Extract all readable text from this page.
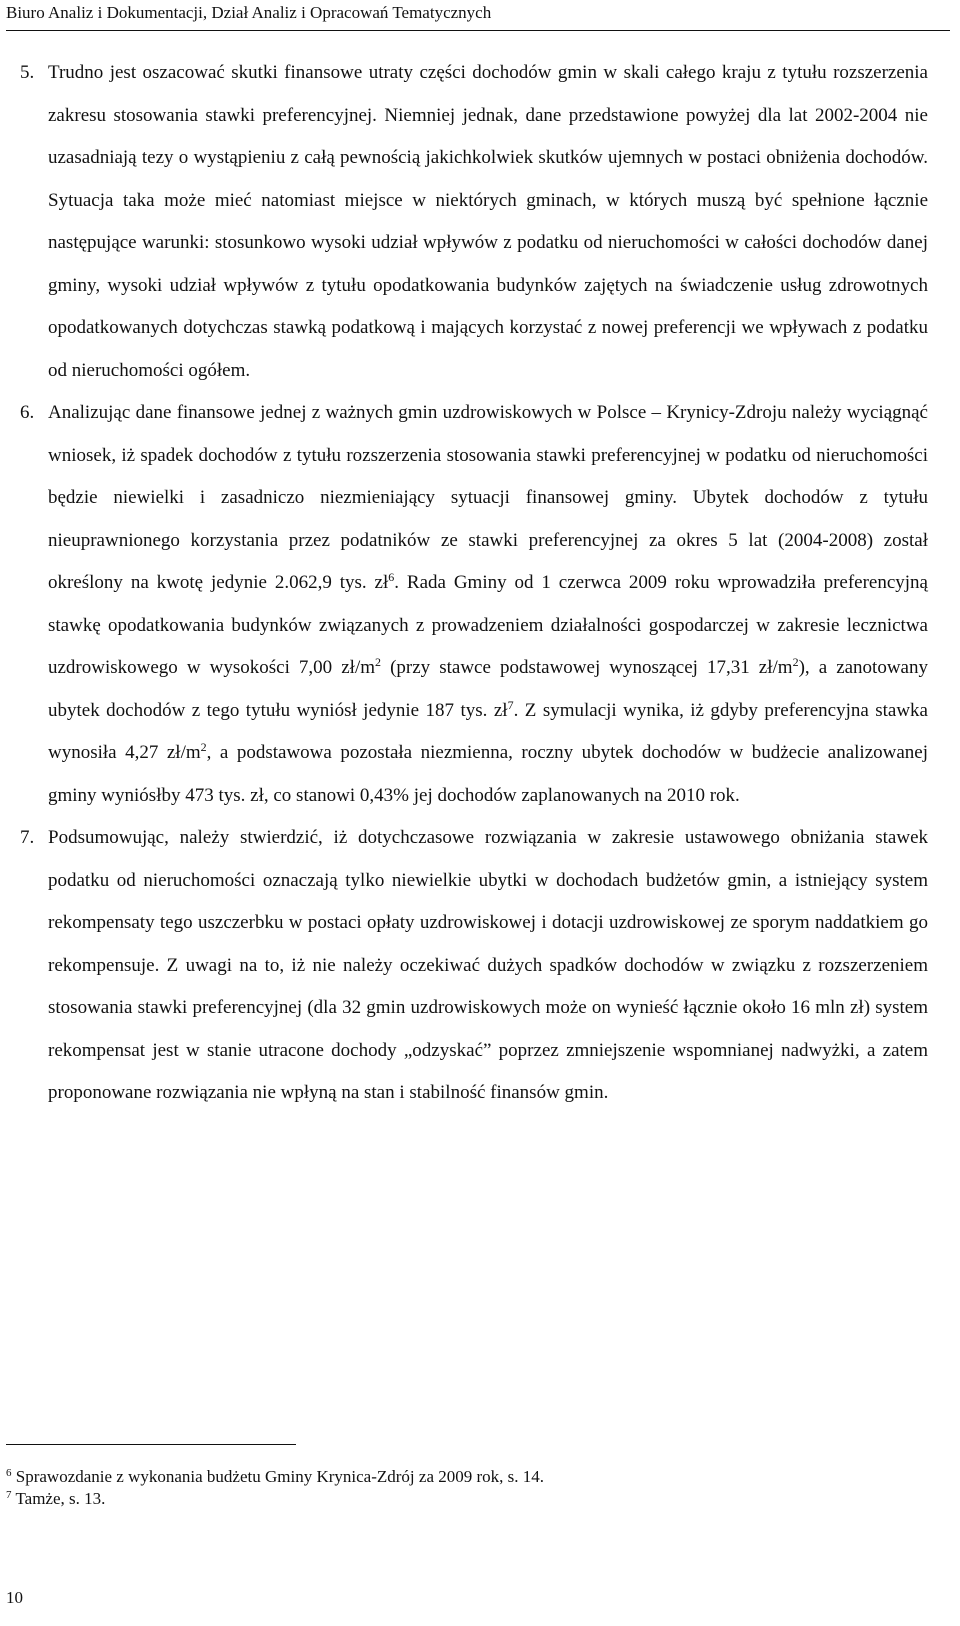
Biuro Analiz i Dokumentacji, Dział Analiz i Opracowań Tematycznych
5. Trudno jest oszacować skutki finansowe utraty części dochodów gmin w skali całego kraju z tytułu rozszerzenia zakresu stosowania stawki preferencyjnej. Niemniej jednak, dane przedstawione powyżej dla lat 2002-2004 nie uzasadniają tezy o wystąpieniu z całą pewnością jakichkolwiek skutków ujemnych w postaci obniżenia dochodów. Sytuacja taka może mieć natomiast miejsce w niektórych gminach, w których muszą być spełnione łącznie następujące warunki: stosunkowo wysoki udział wpływów z podatku od nieruchomości w całości dochodów danej gminy, wysoki udział wpływów z tytułu opodatkowania budynków zajętych na świadczenie usług zdrowotnych opodatkowanych dotychczas stawką podatkową i mających korzystać z nowej preferencji we wpływach z podatku od nieruchomości ogółem.

6. Analizując dane finansowe jednej z ważnych gmin uzdrowiskowych w Polsce – Krynicy-Zdroju należy wyciągnąć wniosek, iż spadek dochodów z tytułu rozszerzenia stosowania stawki preferencyjnej w podatku od nieruchomości będzie niewielki i zasadniczo niezmieniający sytuacji finansowej gminy. Ubytek dochodów z tytułu nieuprawnionego korzystania przez podatników ze stawki preferencyjnej za okres 5 lat (2004-2008) został określony na kwotę jedynie 2.062,9 tys. $zł^6$. Rada Gminy od 1 czerwca 2009 roku wprowadziła preferencyjną stawkę opodatkowania budynków związanych z prowadzeniem działalności gospodarczej w zakresie lecznictwa uzdrowiskowego w wysokości 7,00 $zł/m^2$ (przy stawce podstawowej wynoszącej 17,31 $zł/m^2$), a zanotowany ubytek dochodów z tego tytułu wyniósł jedynie 187 tys. $zł^7$. Z symulacji wynika, iż gdyby preferencyjna stawka wynosiła 4,27 $zł/m^2$, a podstawowa pozostała niezmienna, roczny ubytek dochodów w budżecie analizowanej gminy wyniósłby 473 tys. zł, co stanowi 0,43% jej dochodów zaplanowanych na 2010 rok.

7. Podsumowując, należy stwierdzić, iż dotychczasowe rozwiązania w zakresie ustawowego obniżania stawek podatku od nieruchomości oznaczają tylko niewielkie ubytki w dochodach budżetów gmin, a istniejący system rekompensaty tego uszczerbku w postaci opłaty uzdrowiskowej i dotacji uzdrowiskowej ze sporym naddatkiem go rekompensuje. Z uwagi na to, iż nie należy oczekiwać dużych spadków dochodów w związku z rozszerzeniem stosowania stawki preferencyjnej (dla 32 gmin uzdrowiskowych może on wynieść łącznie około 16 mln zł) system rekompensat jest w stanie utracone dochody „odzyskać” poprzez zmniejszenie wspomnianej nadwyżki, a zatem proponowane rozwiązania nie wpłyną na stan i stabilność finansów gmin.

$^6$ Sprawozdanie z wykonania budżetu Gminy Krynica-Zdrój za 2009 rok, s. 14.
$^7$ Tamże, s. 13.
10
